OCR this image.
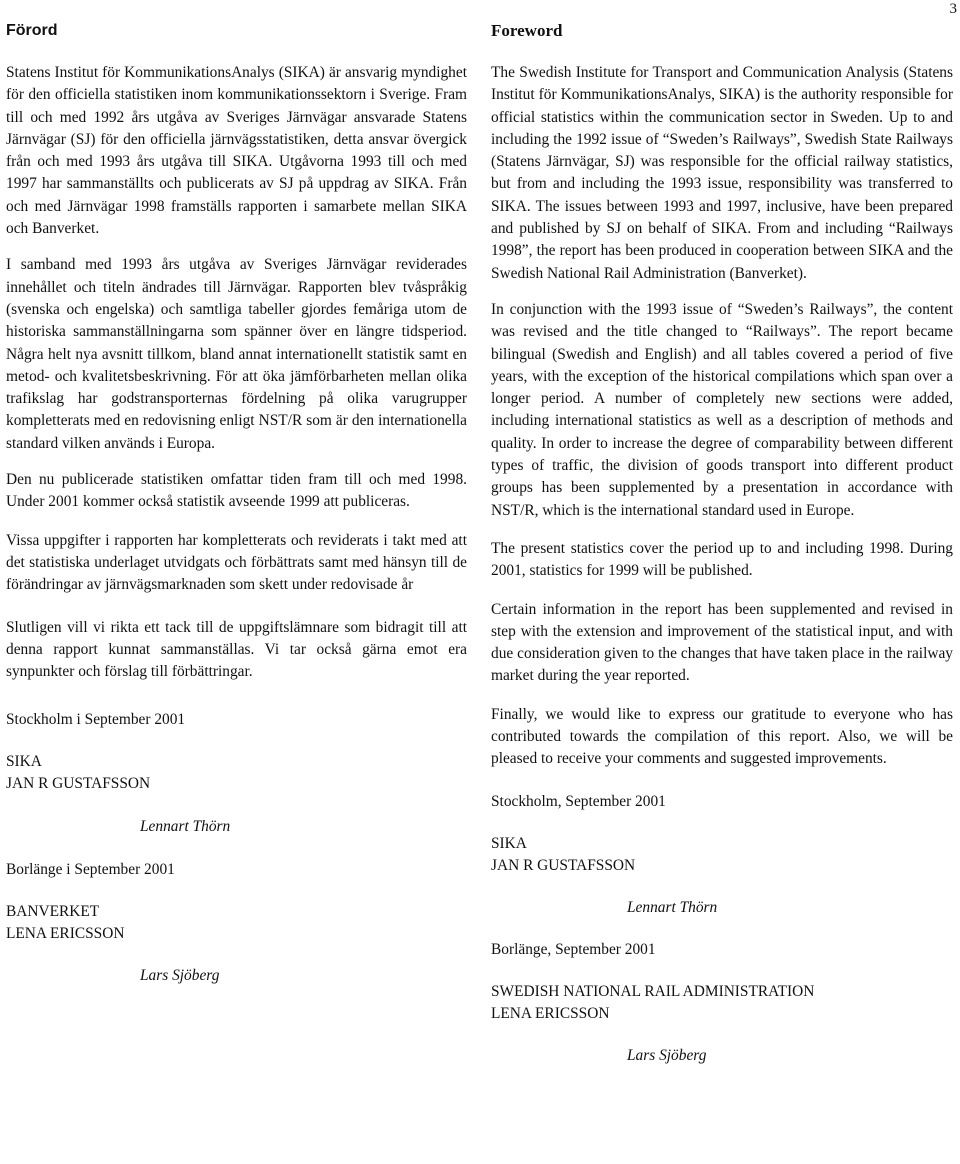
3
Förord

Statens Institut för KommunikationsAnalys (SIKA) är ansvarig myndighet för den officiella statistiken inom kommunikationssektorn i Sverige. Fram till och med 1992 års utgåva av Sveriges Järnvägar ansvarade Statens Järnvägar (SJ) för den officiella järnvägsstatistiken, detta ansvar övergick från och med 1993 års utgåva till SIKA. Utgåvorna 1993 till och med 1997 har sammanställts och publicerats av SJ på uppdrag av SIKA. Från och med Järnvägar 1998 framställs rapporten i samarbete mellan SIKA och Banverket.

I samband med 1993 års utgåva av Sveriges Järnvägar reviderades innehållet och titeln ändrades till Järnvägar. Rapporten blev tvåspråkig (svenska och engelska) och samtliga tabeller gjordes femåriga utom de historiska sammanställningarna som spänner över en längre tidsperiod. Några helt nya avsnitt tillkom, bland annat internationellt statistik samt en metod- och kvalitetsbeskrivning. För att öka jämförbarheten mellan olika trafikslag har godstransporternas fördelning på olika varugrupper kompletterats med en redovisning enligt NST/R som är den internationella standard vilken används i Europa.

Den nu publicerade statistiken omfattar tiden fram till och med 1998. Under 2001 kommer också statistik avseende 1999 att publiceras.

Vissa uppgifter i rapporten har kompletterats och reviderats i takt med att det statistiska underlaget utvidgats och förbättrats samt med hänsyn till de förändringar av järnvägsmarknaden som skett under redovisade år

Slutligen vill vi rikta ett tack till de uppgiftslämnare som bidragit till att denna rapport kunnat sammanställas. Vi tar också gärna emot era synpunkter och förslag till förbättringar.

Stockholm i September 2001

SIKA

JAN R GUSTAFSSON

Lennart Thörn

Borlänge i September 2001

BANVERKET

LENA ERICSSON

Lars Sjöberg

Foreword

The Swedish Institute for Transport and Communication Analysis (Statens Institut för KommunikationsAnalys, SIKA) is the authority responsible for official statistics within the communication sector in Sweden. Up to and including the 1992 issue of “Sweden’s Railways”, Swedish State Railways (Statens Järnvägar, SJ) was responsible for the official railway statistics, but from and including the 1993 issue, responsibility was transferred to SIKA. The issues between 1993 and 1997, inclusive, have been prepared and published by SJ on behalf of SIKA. From and including “Railways 1998”, the report has been produced in cooperation between SIKA and the Swedish National Rail Administration (Banverket).

In conjunction with the 1993 issue of “Sweden’s Railways”, the content was revised and the title changed to “Railways”. The report became bilingual (Swedish and English) and all tables covered a period of five years, with the exception of the historical compilations which span over a longer period. A number of completely new sections were added, including international statistics as well as a description of methods and quality. In order to increase the degree of comparability between different types of traffic, the division of goods transport into different product groups has been supplemented by a presentation in accordance with NST/R, which is the international standard used in Europe.

The present statistics cover the period up to and including 1998. During 2001, statistics for 1999 will be published.

Certain information in the report has been supplemented and revised in step with the extension and improvement of the statistical input, and with due consideration given to the changes that have taken place in the railway market during the year reported.

Finally, we would like to express our gratitude to everyone who has contributed towards the compilation of this report. Also, we will be pleased to receive your comments and suggested improvements.

Stockholm, September 2001

SIKA

JAN R GUSTAFSSON

Lennart Thörn

Borlänge, September 2001

SWEDISH NATIONAL RAIL ADMINISTRATION

LENA ERICSSON

Lars Sjöberg
